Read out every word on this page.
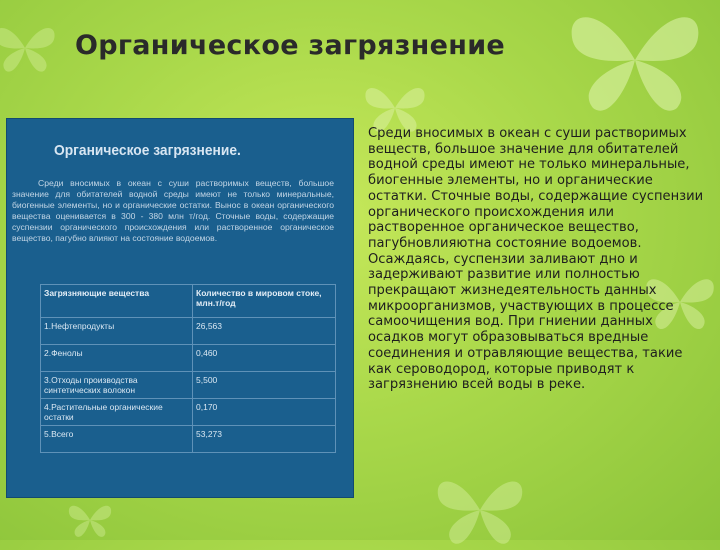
Органическое загрязнение
Органическое загрязнение.

Среди вносимых в океан с суши растворимых веществ, большое значение для обитателей водной среды имеют не только минеральные, биогенные элементы, но и органические остатки. Вынос в океан органического вещества оценивается в 300 - 380 млн т/год. Сточные воды, содержащие суспензии органического происхождения или растворенное органическое вещество, пагубно влияют на состояние водоемов.

Загрязняющие вещества	Количество в мировом стоке, млн.т/год
1.Нефтепродукты	26,563
2.Фенолы	0,460
3.Отходы производства синтетических волокон	5,500
4.Растительные органические остатки	0,170
5.Всего	53,273

Среди вносимых в океан с суши растворимых веществ, большое значение для обитателей водной среды имеют не только минеральные, биогенные элементы, но и органические остатки. Сточные воды, содержащие суспензии органического происхождения или растворенное органическое вещество, пагубновлияютна состояние водоемов. Осаждаясь, суспензии заливают дно и задерживают развитие или полностью прекращают жизнедеятельность данных микроорганизмов, участвующих в процессе самоочищения вод. При гниении данных осадков могут образовываться вредные соединения и отравляющие вещества, такие как сероводород, которые приводят к загрязнению всей воды в реке.
